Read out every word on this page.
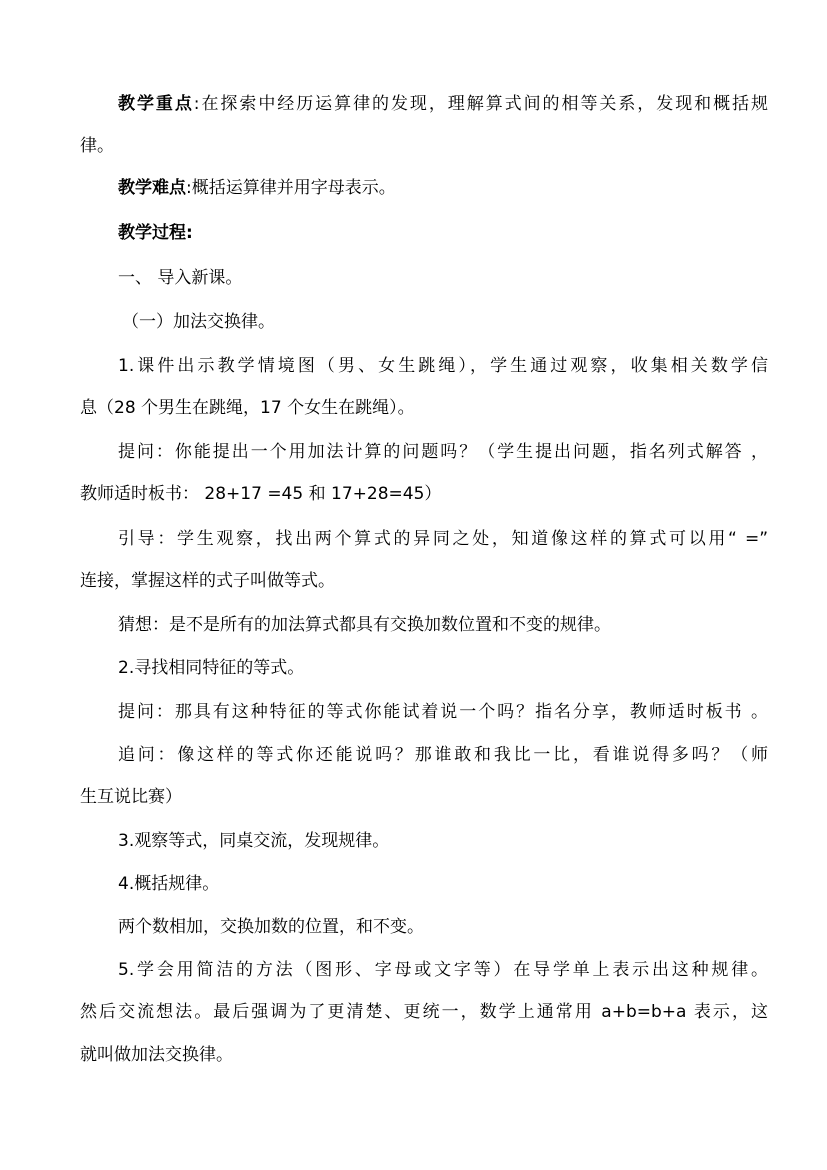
教学重点:在探索中经历运算律的发现，理解算式间的相等关系，发现和概括规
律。
教学难点:概括运算律并用字母表示。
教学过程:
一、 导入新课。
（一）加法交换律。
1.课件出示教学情境图（男、女生跳绳），学生通过观察，收集相关数学信
息（28 个男生在跳绳，17 个女生在跳绳）。
提问：你能提出一个用加法计算的问题吗？（学生提出问题，指名列式解答 ，
教师适时板书： 28+17 =45 和 17+28=45）
引导：学生观察，找出两个算式的异同之处，知道像这样的算式可以用“ =”
连接，掌握这样的式子叫做等式。
猜想：是不是所有的加法算式都具有交换加数位置和不变的规律。
2.寻找相同特征的等式。
提问：那具有这种特征的等式你能试着说一个吗？指名分享，教师适时板书 。
追问：像这样的等式你还能说吗？那谁敢和我比一比，看谁说得多吗？（师
生互说比赛）
3.观察等式，同桌交流，发现规律。
4.概括规律。
两个数相加，交换加数的位置，和不变。
5.学会用简洁的方法（图形、字母或文字等）在导学单上表示出这种规律。
然后交流想法。最后强调为了更清楚、更统一，数学上通常用 a+b=b+a 表示，这
就叫做加法交换律。
